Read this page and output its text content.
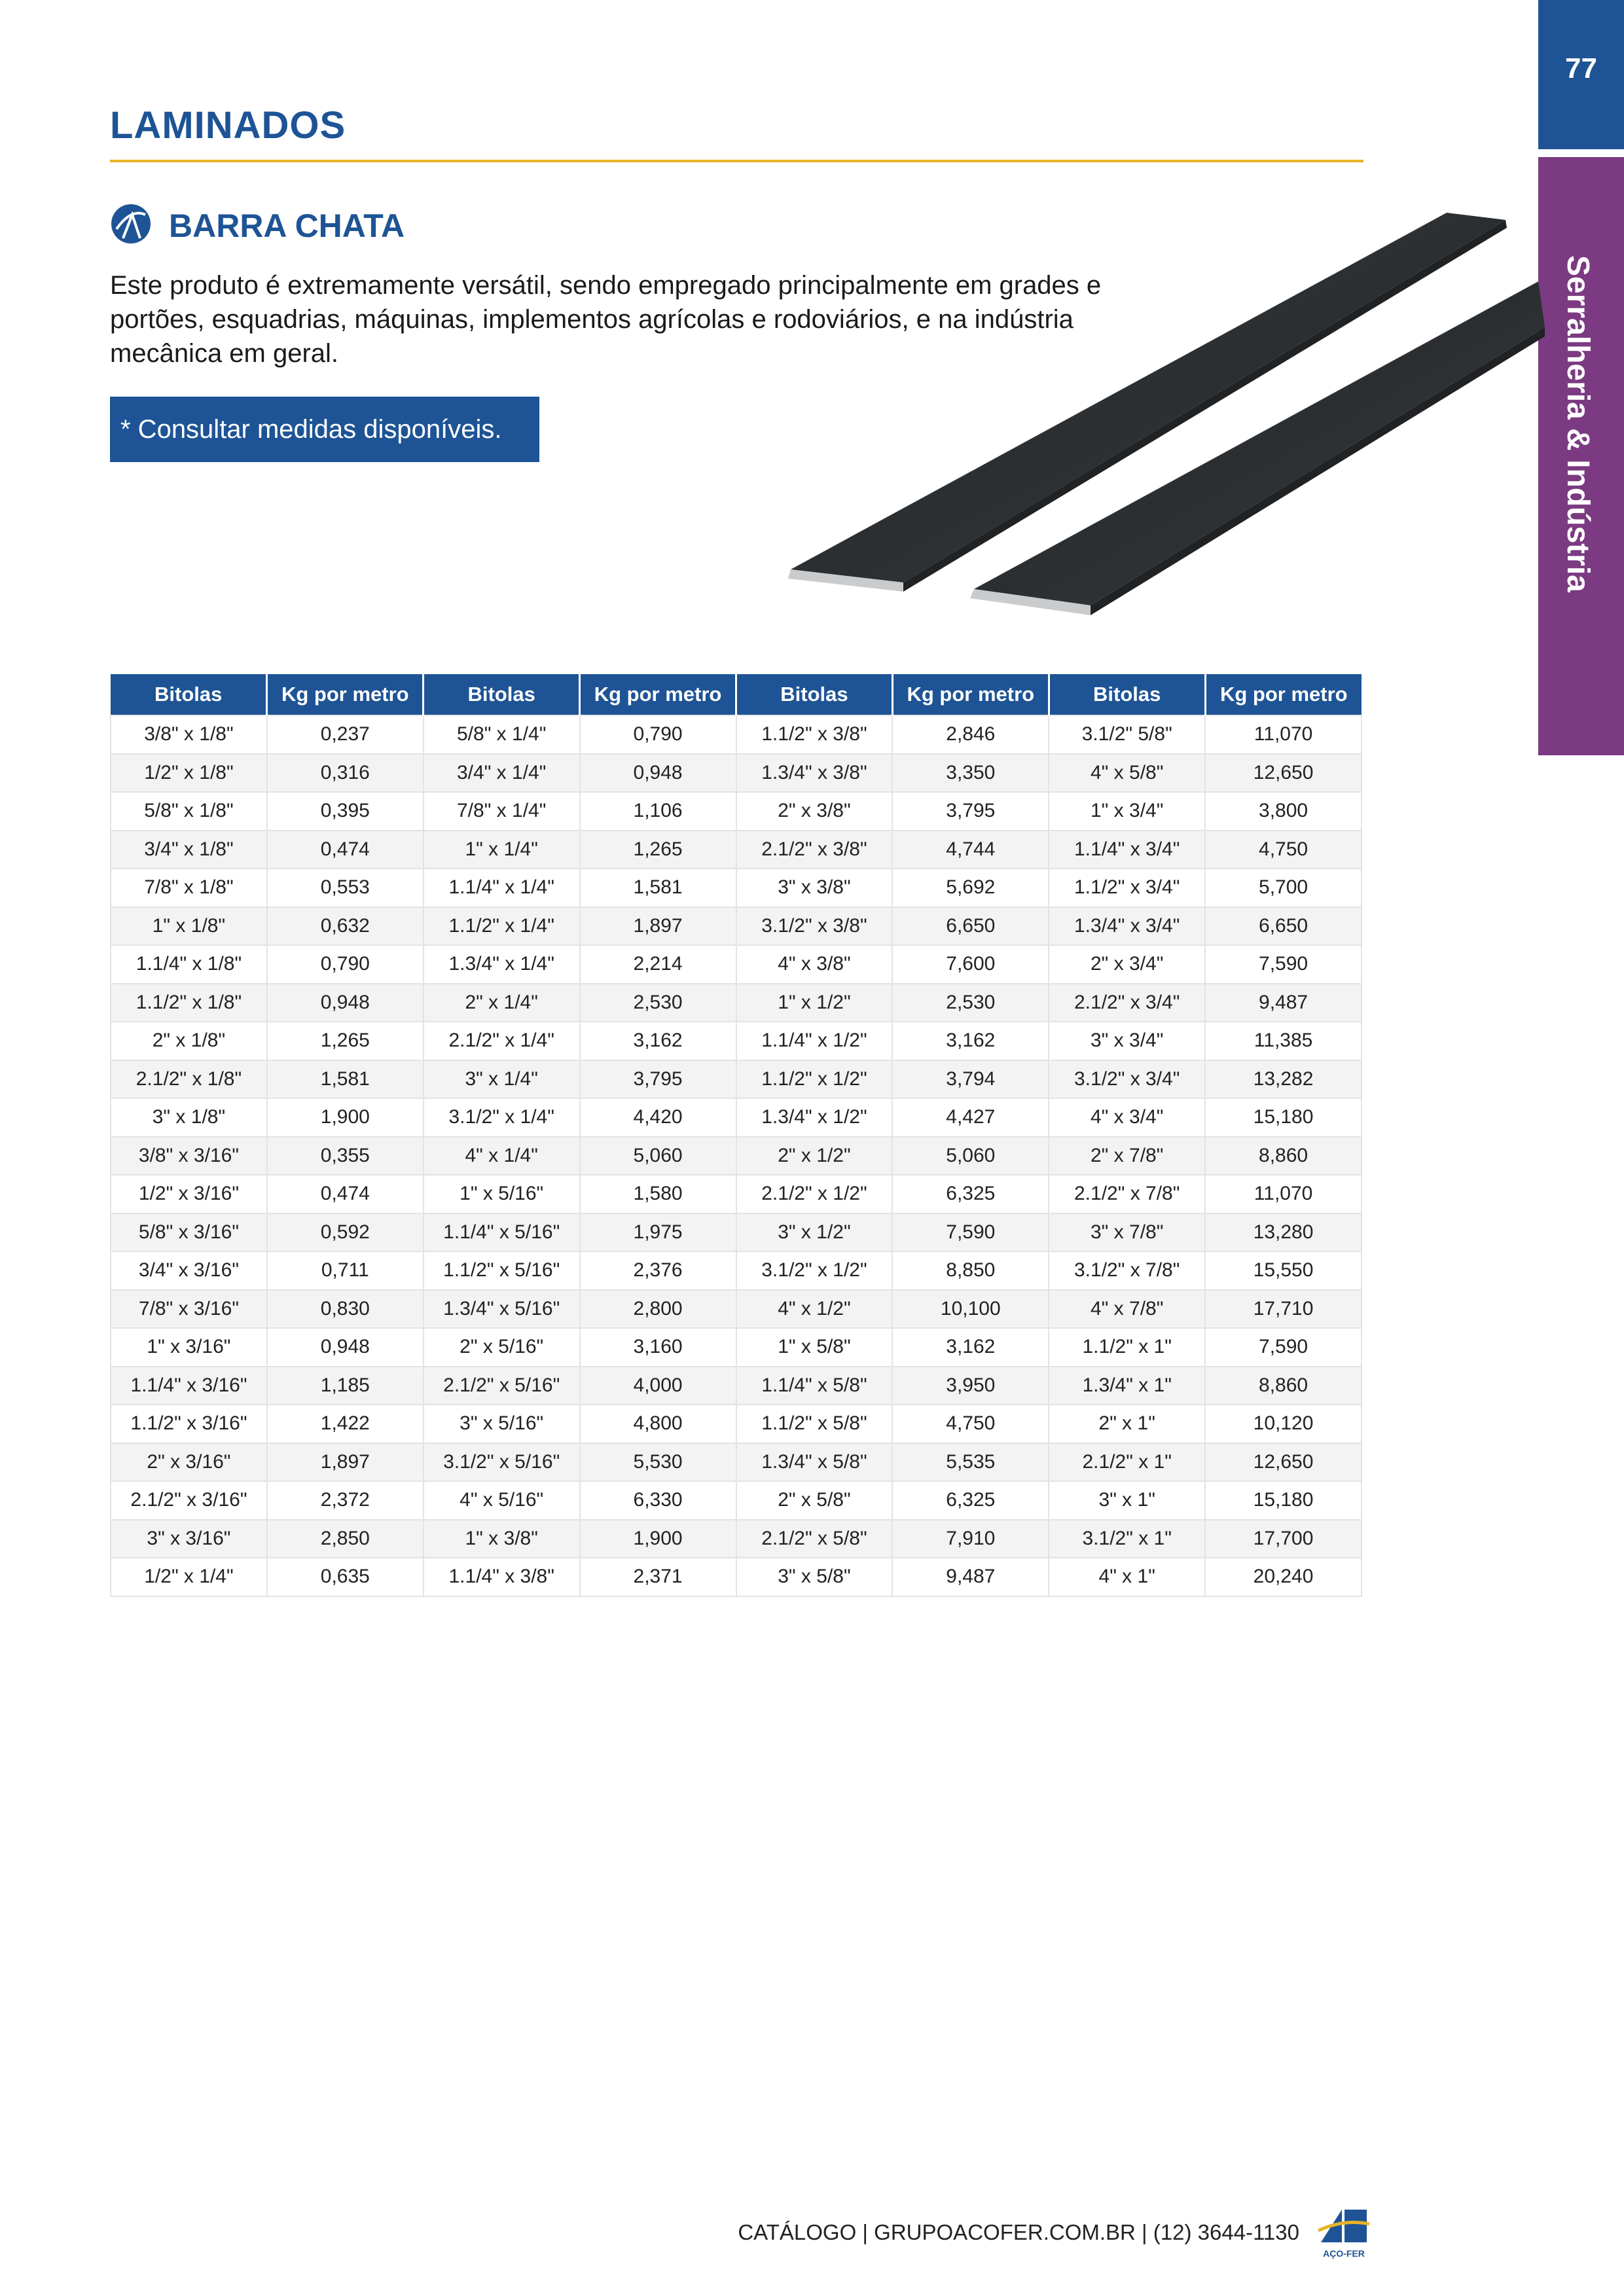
77
Serralheria & Indústria
LAMINADOS
BARRA CHATA

Este produto é extremamente versátil, sendo empregado principalmente em grades e portões, esquadrias, máquinas, implementos agrícolas e rodoviários, e na indústria mecânica em geral.

* Consultar medidas disponíveis.
Bitolas	Kg por metro	Bitolas	Kg por metro	Bitolas	Kg por metro	Bitolas	Kg por metro
3/8" x 1/8"	0,237	5/8" x 1/4"	0,790	1.1/2" x 3/8"	2,846	3.1/2" 5/8"	11,070
1/2" x 1/8"	0,316	3/4" x 1/4"	0,948	1.3/4" x 3/8"	3,350	4" x 5/8"	12,650
5/8" x 1/8"	0,395	7/8" x 1/4"	1,106	2" x 3/8"	3,795	1" x 3/4"	3,800
3/4" x 1/8"	0,474	1" x 1/4"	1,265	2.1/2" x 3/8"	4,744	1.1/4" x 3/4"	4,750
7/8" x 1/8"	0,553	1.1/4" x 1/4"	1,581	3" x 3/8"	5,692	1.1/2" x 3/4"	5,700
1" x 1/8"	0,632	1.1/2" x 1/4"	1,897	3.1/2" x 3/8"	6,650	1.3/4" x 3/4"	6,650
1.1/4" x 1/8"	0,790	1.3/4" x 1/4"	2,214	4" x 3/8"	7,600	2" x 3/4"	7,590
1.1/2" x 1/8"	0,948	2" x 1/4"	2,530	1" x 1/2"	2,530	2.1/2" x 3/4"	9,487
2" x 1/8"	1,265	2.1/2" x 1/4"	3,162	1.1/4" x 1/2"	3,162	3" x 3/4"	11,385
2.1/2" x 1/8"	1,581	3" x 1/4"	3,795	1.1/2" x 1/2"	3,794	3.1/2" x 3/4"	13,282
3" x 1/8"	1,900	3.1/2" x 1/4"	4,420	1.3/4" x 1/2"	4,427	4" x 3/4"	15,180
3/8" x 3/16"	0,355	4" x 1/4"	5,060	2" x 1/2"	5,060	2" x 7/8"	8,860
1/2" x 3/16"	0,474	1" x 5/16"	1,580	2.1/2" x 1/2"	6,325	2.1/2" x 7/8"	11,070
5/8" x 3/16"	0,592	1.1/4" x 5/16"	1,975	3" x 1/2"	7,590	3" x 7/8"	13,280
3/4" x 3/16"	0,711	1.1/2" x 5/16"	2,376	3.1/2" x 1/2"	8,850	3.1/2" x 7/8"	15,550
7/8" x 3/16"	0,830	1.3/4" x 5/16"	2,800	4" x 1/2"	10,100	4" x 7/8"	17,710
1" x 3/16"	0,948	2" x 5/16"	3,160	1" x 5/8"	3,162	1.1/2" x 1"	7,590
1.1/4" x 3/16"	1,185	2.1/2" x 5/16"	4,000	1.1/4" x 5/8"	3,950	1.3/4" x 1"	8,860
1.1/2" x 3/16"	1,422	3" x 5/16"	4,800	1.1/2" x 5/8"	4,750	2" x 1"	10,120
2" x 3/16"	1,897	3.1/2" x 5/16"	5,530	1.3/4" x 5/8"	5,535	2.1/2" x 1"	12,650
2.1/2" x 3/16"	2,372	4" x 5/16"	6,330	2" x 5/8"	6,325	3" x 1"	15,180
3" x 3/16"	2,850	1" x 3/8"	1,900	2.1/2" x 5/8"	7,910	3.1/2" x 1"	17,700
1/2" x 1/4"	0,635	1.1/4" x 3/8"	2,371	3" x 5/8"	9,487	4" x 1"	20,240
CATÁLOGO | GRUPOACOFER.COM.BR | (12) 3644-1130
AÇO-FER
